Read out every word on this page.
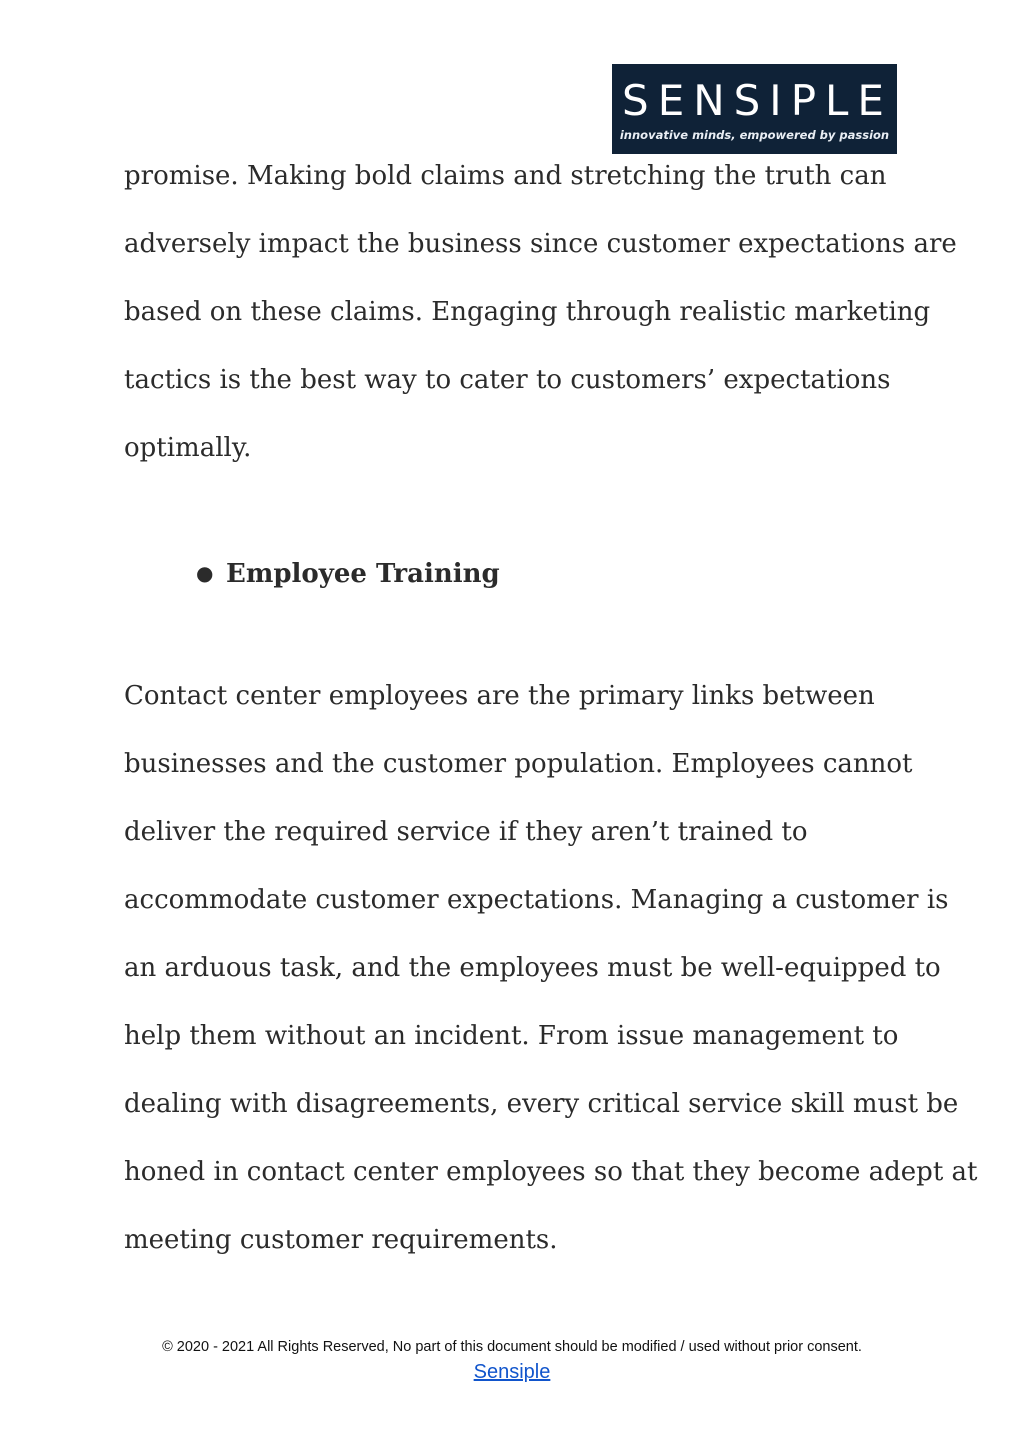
SENSIPLE
innovative minds, empowered by passion
promise. Making bold claims and stretching the truth can
adversely impact the business since customer expectations are
based on these claims. Engaging through realistic marketing
tactics is the best way to cater to customers’ expectations
optimally.
● Employee Training
Contact center employees are the primary links between
businesses and the customer population. Employees cannot
deliver the required service if they aren’t trained to
accommodate customer expectations. Managing a customer is
an arduous task, and the employees must be well-equipped to
help them without an incident. From issue management to
dealing with disagreements, every critical service skill must be
honed in contact center employees so that they become adept at
meeting customer requirements.
© 2020 - 2021 All Rights Reserved, No part of this document should be modified / used without prior consent.
Sensiple
